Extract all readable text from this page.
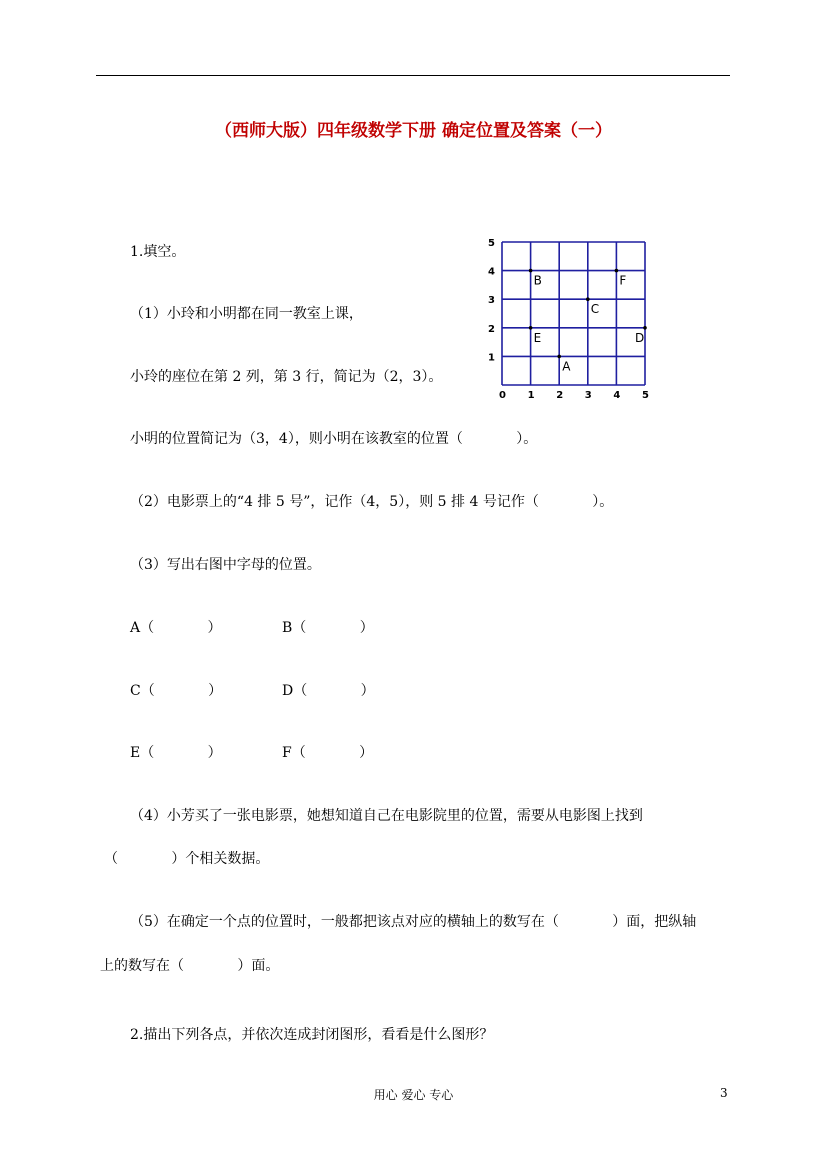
（西师大版）四年级数学下册 确定位置及答案（一）
1.填空。
（1）小玲和小明都在同一教室上课，
小玲的座位在第 2 列，第 3 行，简记为（2，3）。
小明的位置简记为（3，4），则小明在该教室的位置（            ）。
（2）电影票上的“4 排 5 号”，记作（4，5），则 5 排 4 号记作（            ）。
（3）写出右图中字母的位置。
A（            ）	B（            ）
C（            ）	D（            ）
E（            ）	F（            ）
（4）小芳买了一张电影票，她想知道自己在电影院里的位置，需要从电影图上找到
（            ）个相关数据。
（5）在确定一个点的位置时，一般都把该点对应的横轴上的数写在（            ）面，把纵轴
上的数写在（            ）面。
2.描出下列各点，并依次连成封闭图形，看看是什么图形？
0 1 2 3 4 5
1
2
3
4
5
A
B
C
D
E
F
用心 爱心 专心	3
